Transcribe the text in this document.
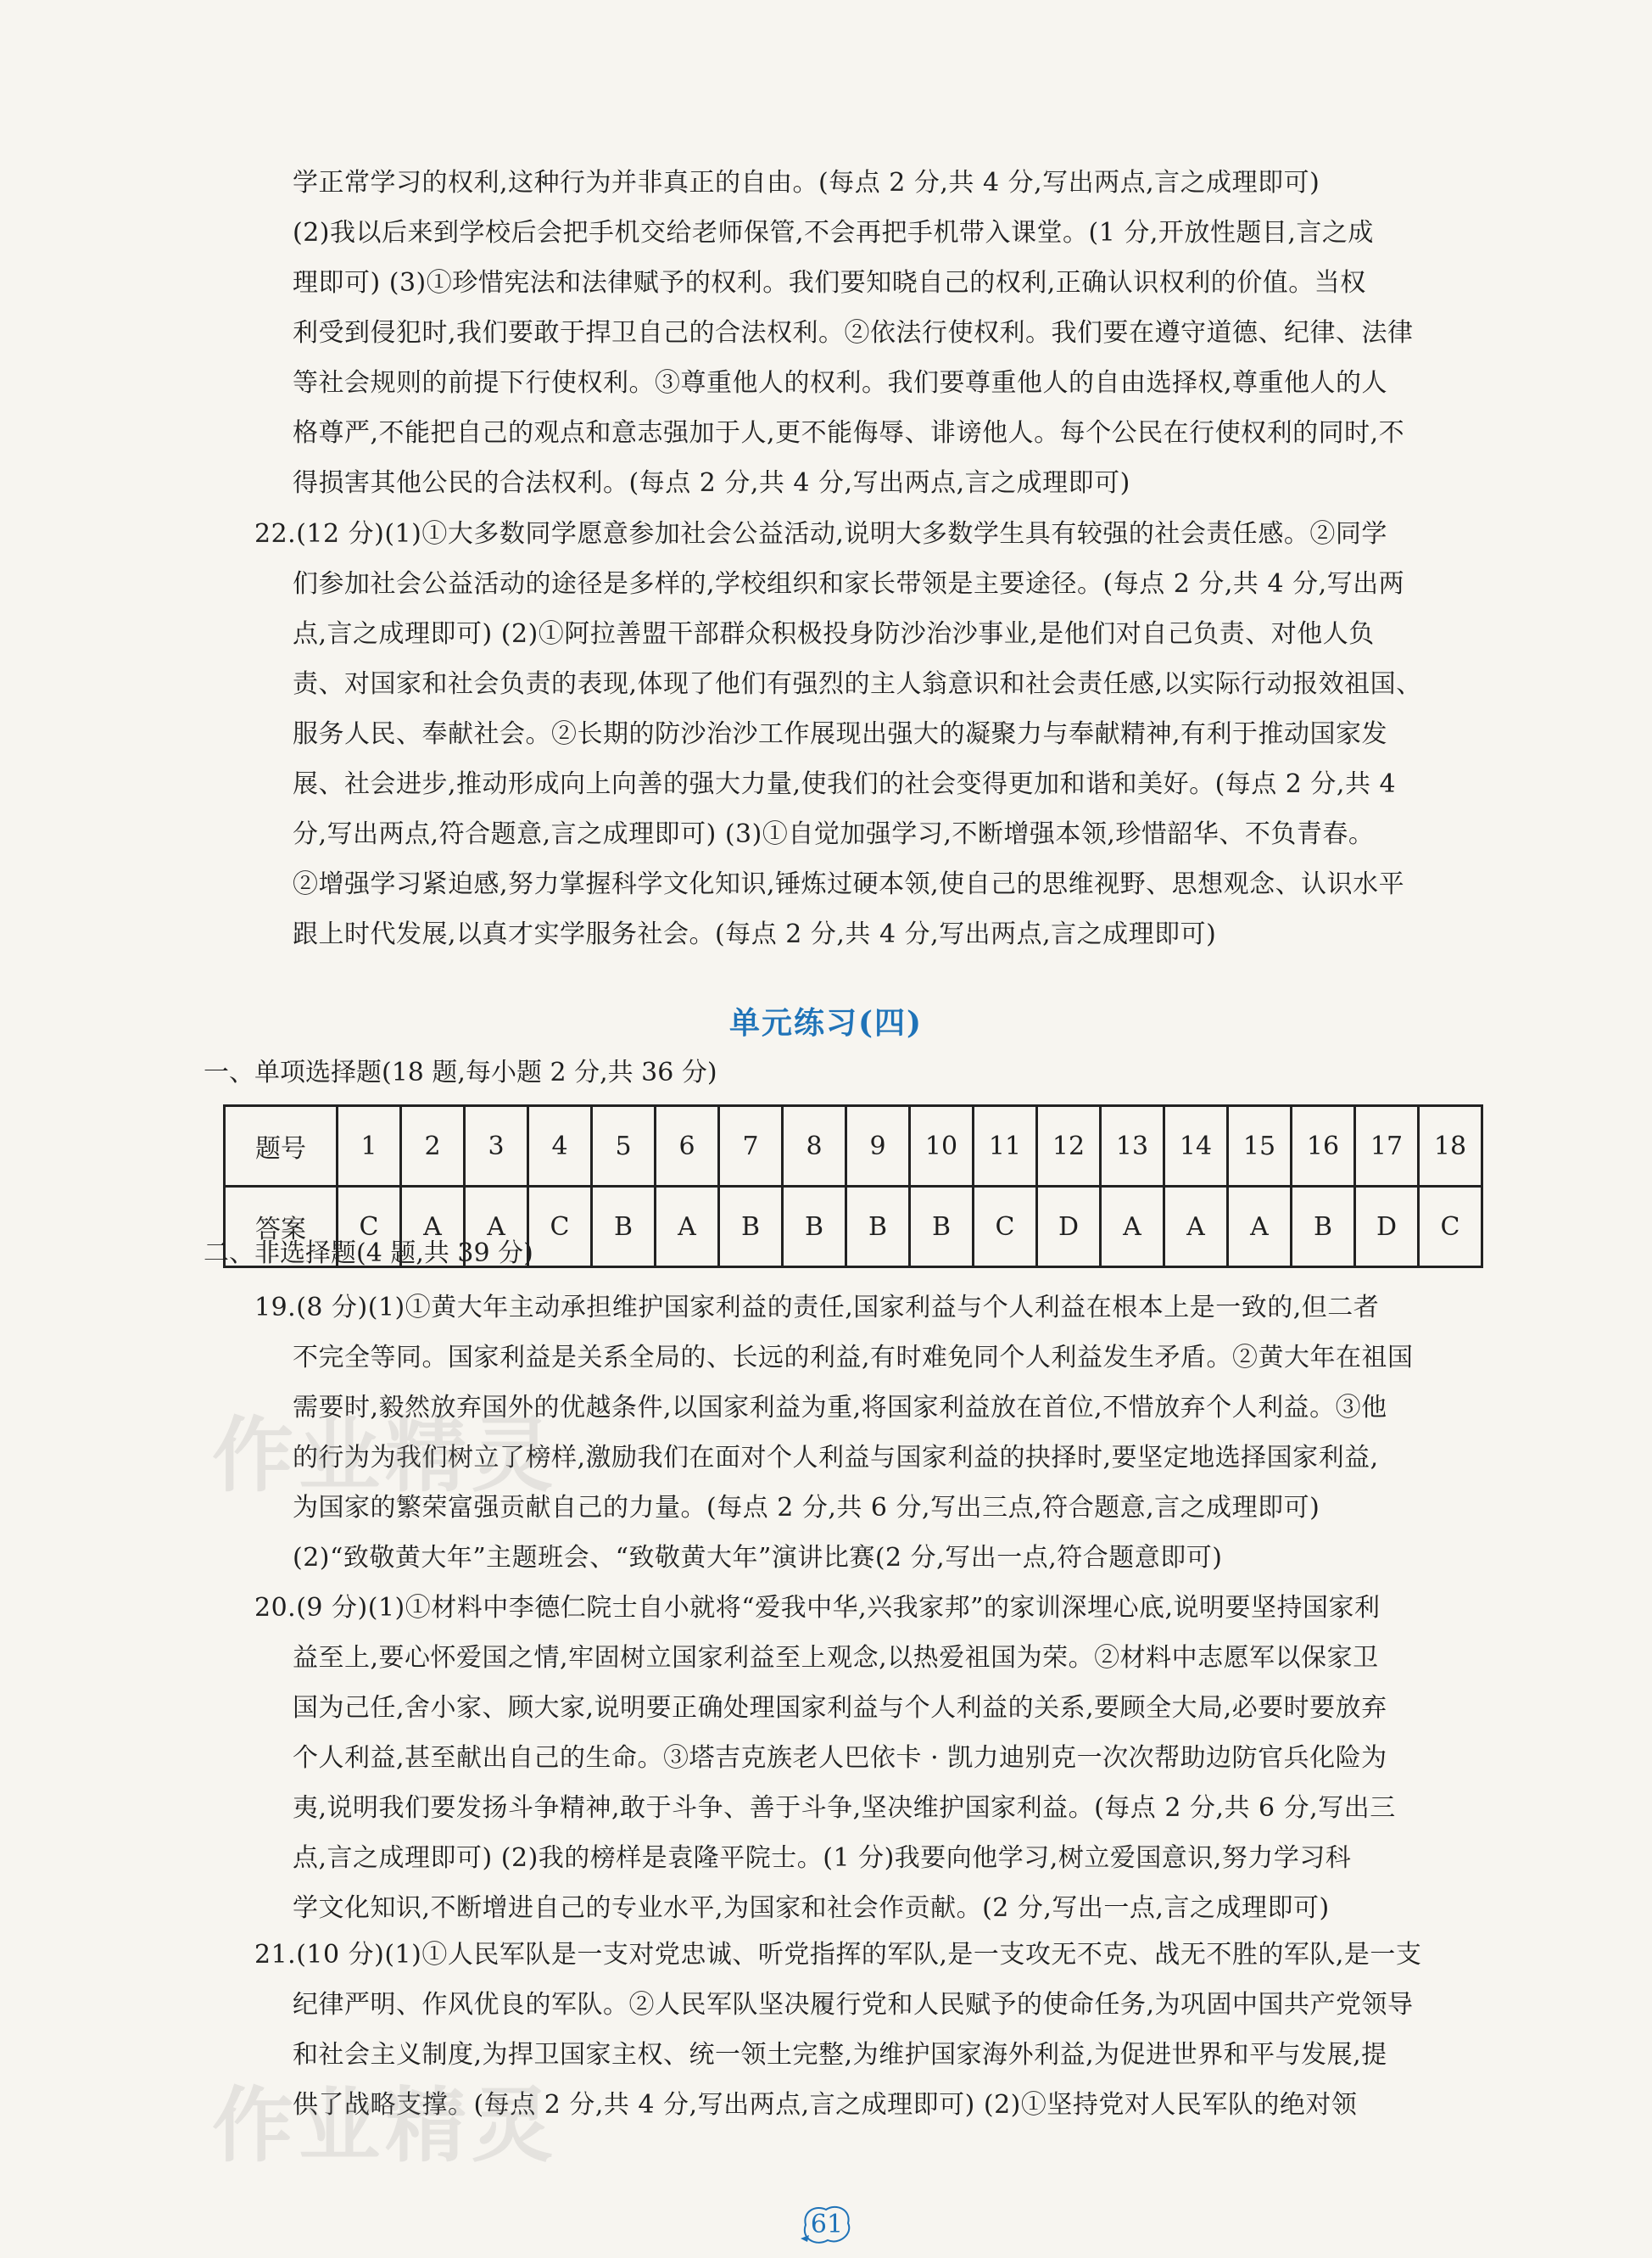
学正常学习的权利,这种行为并非真正的自由。(每点 2 分,共 4 分,写出两点,言之成理即可)
(2)我以后来到学校后会把手机交给老师保管,不会再把手机带入课堂。(1 分,开放性题目,言之成
理即可) (3)①珍惜宪法和法律赋予的权利。我们要知晓自己的权利,正确认识权利的价值。当权
利受到侵犯时,我们要敢于捍卫自己的合法权利。②依法行使权利。我们要在遵守道德、纪律、法律
等社会规则的前提下行使权利。③尊重他人的权利。我们要尊重他人的自由选择权,尊重他人的人
格尊严,不能把自己的观点和意志强加于人,更不能侮辱、诽谤他人。每个公民在行使权利的同时,不
得损害其他公民的合法权利。(每点 2 分,共 4 分,写出两点,言之成理即可)
22.(12 分)(1)①大多数同学愿意参加社会公益活动,说明大多数学生具有较强的社会责任感。②同学
们参加社会公益活动的途径是多样的,学校组织和家长带领是主要途径。(每点 2 分,共 4 分,写出两
点,言之成理即可) (2)①阿拉善盟干部群众积极投身防沙治沙事业,是他们对自己负责、对他人负
责、对国家和社会负责的表现,体现了他们有强烈的主人翁意识和社会责任感,以实际行动报效祖国、
服务人民、奉献社会。②长期的防沙治沙工作展现出强大的凝聚力与奉献精神,有利于推动国家发
展、社会进步,推动形成向上向善的强大力量,使我们的社会变得更加和谐和美好。(每点 2 分,共 4
分,写出两点,符合题意,言之成理即可) (3)①自觉加强学习,不断增强本领,珍惜韶华、不负青春。
②增强学习紧迫感,努力掌握科学文化知识,锤炼过硬本领,使自己的思维视野、思想观念、认识水平
跟上时代发展,以真才实学服务社会。(每点 2 分,共 4 分,写出两点,言之成理即可)
单元练习(四)
一、单项选择题(18 题,每小题 2 分,共 36 分)
题号	1	2	3	4	5	6	7	8	9	10	11	12	13	14	15	16	17	18
答案	C	A	A	C	B	A	B	B	B	B	C	D	A	A	A	B	D	C
二、非选择题(4 题,共 39 分)
19.(8 分)(1)①黄大年主动承担维护国家利益的责任,国家利益与个人利益在根本上是一致的,但二者
不完全等同。国家利益是关系全局的、长远的利益,有时难免同个人利益发生矛盾。②黄大年在祖国
需要时,毅然放弃国外的优越条件,以国家利益为重,将国家利益放在首位,不惜放弃个人利益。③他
的行为为我们树立了榜样,激励我们在面对个人利益与国家利益的抉择时,要坚定地选择国家利益,
为国家的繁荣富强贡献自己的力量。(每点 2 分,共 6 分,写出三点,符合题意,言之成理即可)
(2)“致敬黄大年”主题班会、“致敬黄大年”演讲比赛(2 分,写出一点,符合题意即可)
20.(9 分)(1)①材料中李德仁院士自小就将“爱我中华,兴我家邦”的家训深埋心底,说明要坚持国家利
益至上,要心怀爱国之情,牢固树立国家利益至上观念,以热爱祖国为荣。②材料中志愿军以保家卫
国为己任,舍小家、顾大家,说明要正确处理国家利益与个人利益的关系,要顾全大局,必要时要放弃
个人利益,甚至献出自己的生命。③塔吉克族老人巴依卡 · 凯力迪别克一次次帮助边防官兵化险为
夷,说明我们要发扬斗争精神,敢于斗争、善于斗争,坚决维护国家利益。(每点 2 分,共 6 分,写出三
点,言之成理即可) (2)我的榜样是袁隆平院士。(1 分)我要向他学习,树立爱国意识,努力学习科
学文化知识,不断增进自己的专业水平,为国家和社会作贡献。(2 分,写出一点,言之成理即可)
21.(10 分)(1)①人民军队是一支对党忠诚、听党指挥的军队,是一支攻无不克、战无不胜的军队,是一支
纪律严明、作风优良的军队。②人民军队坚决履行党和人民赋予的使命任务,为巩固中国共产党领导
和社会主义制度,为捍卫国家主权、统一领土完整,为维护国家海外利益,为促进世界和平与发展,提
供了战略支撑。(每点 2 分,共 4 分,写出两点,言之成理即可) (2)①坚持党对人民军队的绝对领
作业精灵
作业精灵
61
